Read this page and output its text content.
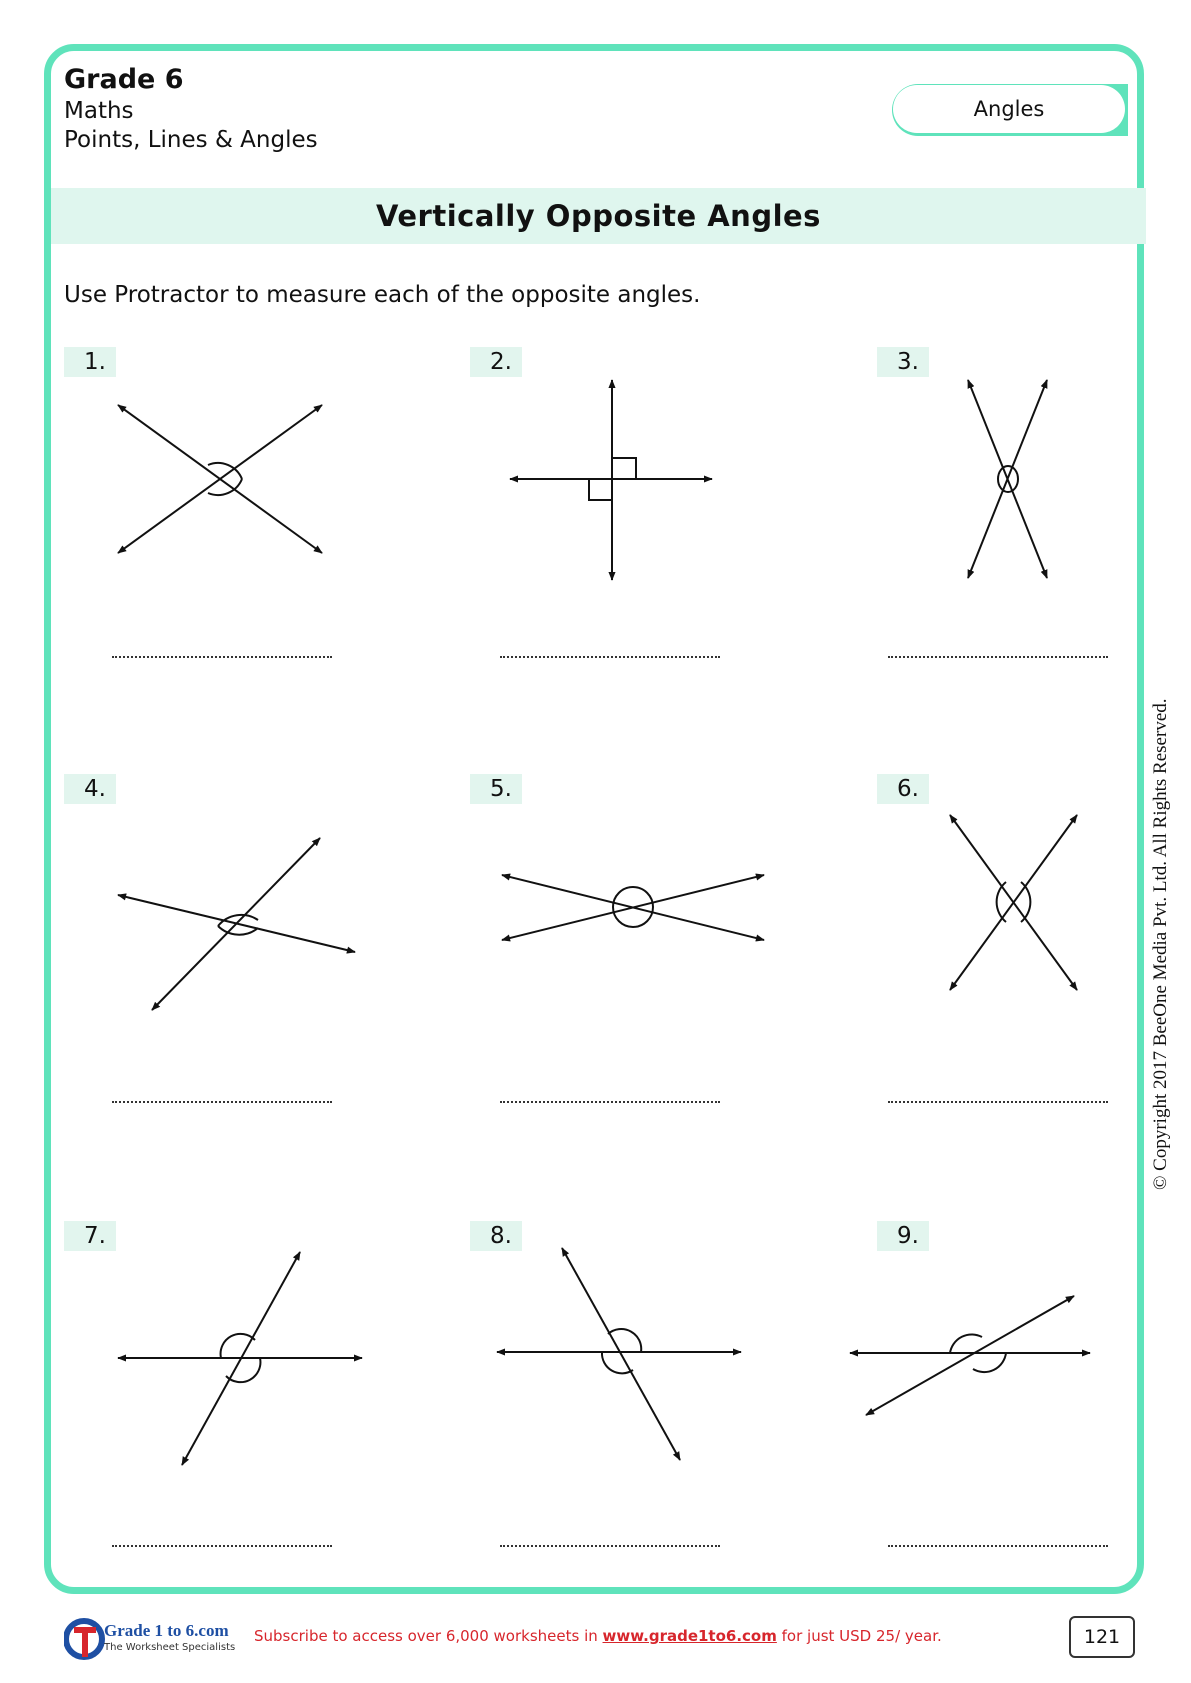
Grade 6
Maths
Points, Lines & Angles
Angles
Vertically Opposite Angles
Use Protractor to measure each of the opposite angles.
1.	2.	3.
4.	5.	6.
7.	8.	9.
© Copyright 2017 BeeOne Media Pvt. Ltd. All Rights Reserved.
Grade 1 to 6.com
The Worksheet Specialists
Subscribe to access over 6,000 worksheets in www.grade1to6.com for just USD 25/ year.	121
